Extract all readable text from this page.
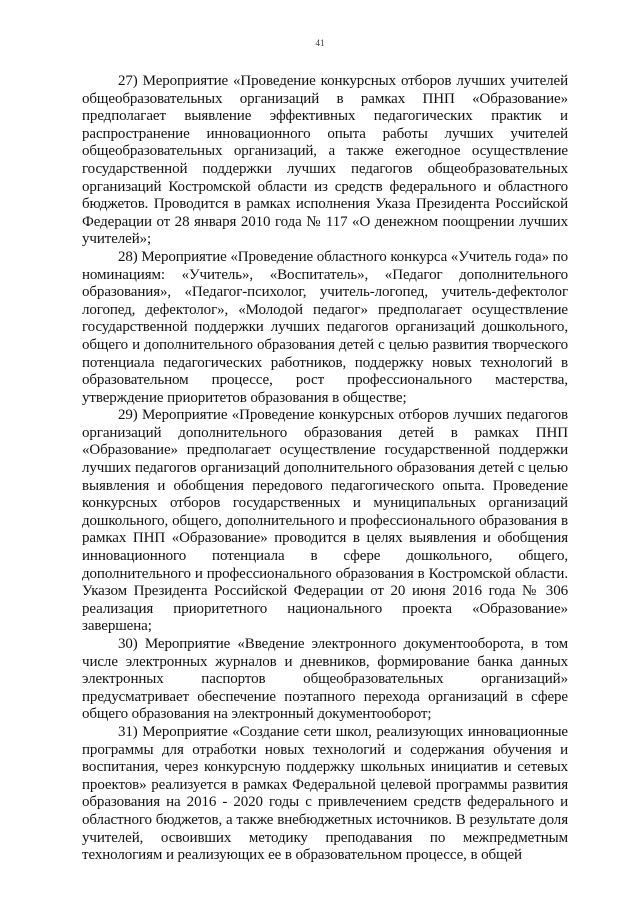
41

27) Мероприятие «Проведение конкурсных отборов лучших учителей общеобразовательных организаций в рамках ПНП «Образование» предполагает выявление эффективных педагогических практик и распространение инновационного опыта работы лучших учителей общеобразовательных организаций, а также ежегодное осуществление государственной поддержки лучших педагогов общеобразовательных организаций Костромской области из средств федерального и областного бюджетов. Проводится в рамках исполнения Указа Президента Российской Федерации от 28 января 2010 года № 117 «О денежном поощрении лучших учителей»;

28) Мероприятие «Проведение областного конкурса «Учитель года» по номинациям: «Учитель», «Воспитатель», «Педагог дополнительного образования», «Педагог-психолог, учитель-логопед, учитель-дефектолог логопед, дефектолог», «Молодой педагог» предполагает осуществление государственной поддержки лучших педагогов организаций дошкольного, общего и дополнительного образования детей с целью развития творческого потенциала педагогических работников, поддержку новых технологий в образовательном процессе, рост профессионального мастерства, утверждение приоритетов образования в обществе;

29) Мероприятие «Проведение конкурсных отборов лучших педагогов организаций дополнительного образования детей в рамках ПНП «Образование» предполагает осуществление государственной поддержки лучших педагогов организаций дополнительного образования детей с целью выявления и обобщения передового педагогического опыта. Проведение конкурсных отборов государственных и муниципальных организаций дошкольного, общего, дополнительного и профессионального образования в рамках ПНП «Образование» проводится в целях выявления и обобщения инновационного потенциала в сфере дошкольного, общего, дополнительного и профессионального образования в Костромской области. Указом Президента Российской Федерации от 20 июня 2016 года № 306 реализация приоритетного национального проекта «Образование» завершена;

30) Мероприятие «Введение электронного документооборота, в том числе электронных журналов и дневников, формирование банка данных электронных паспортов общеобразовательных организаций» предусматривает обеспечение поэтапного перехода организаций в сфере общего образования на электронный документооборот;

31) Мероприятие «Создание сети школ, реализующих инновационные программы для отработки новых технологий и содержания обучения и воспитания, через конкурсную поддержку школьных инициатив и сетевых проектов» реализуется в рамках Федеральной целевой программы развития образования на 2016 - 2020 годы с привлечением средств федерального и областного бюджетов, а также внебюджетных источников. В результате доля учителей, освоивших методику преподавания по межпредметным технологиям и реализующих ее в образовательном процессе, в общей
